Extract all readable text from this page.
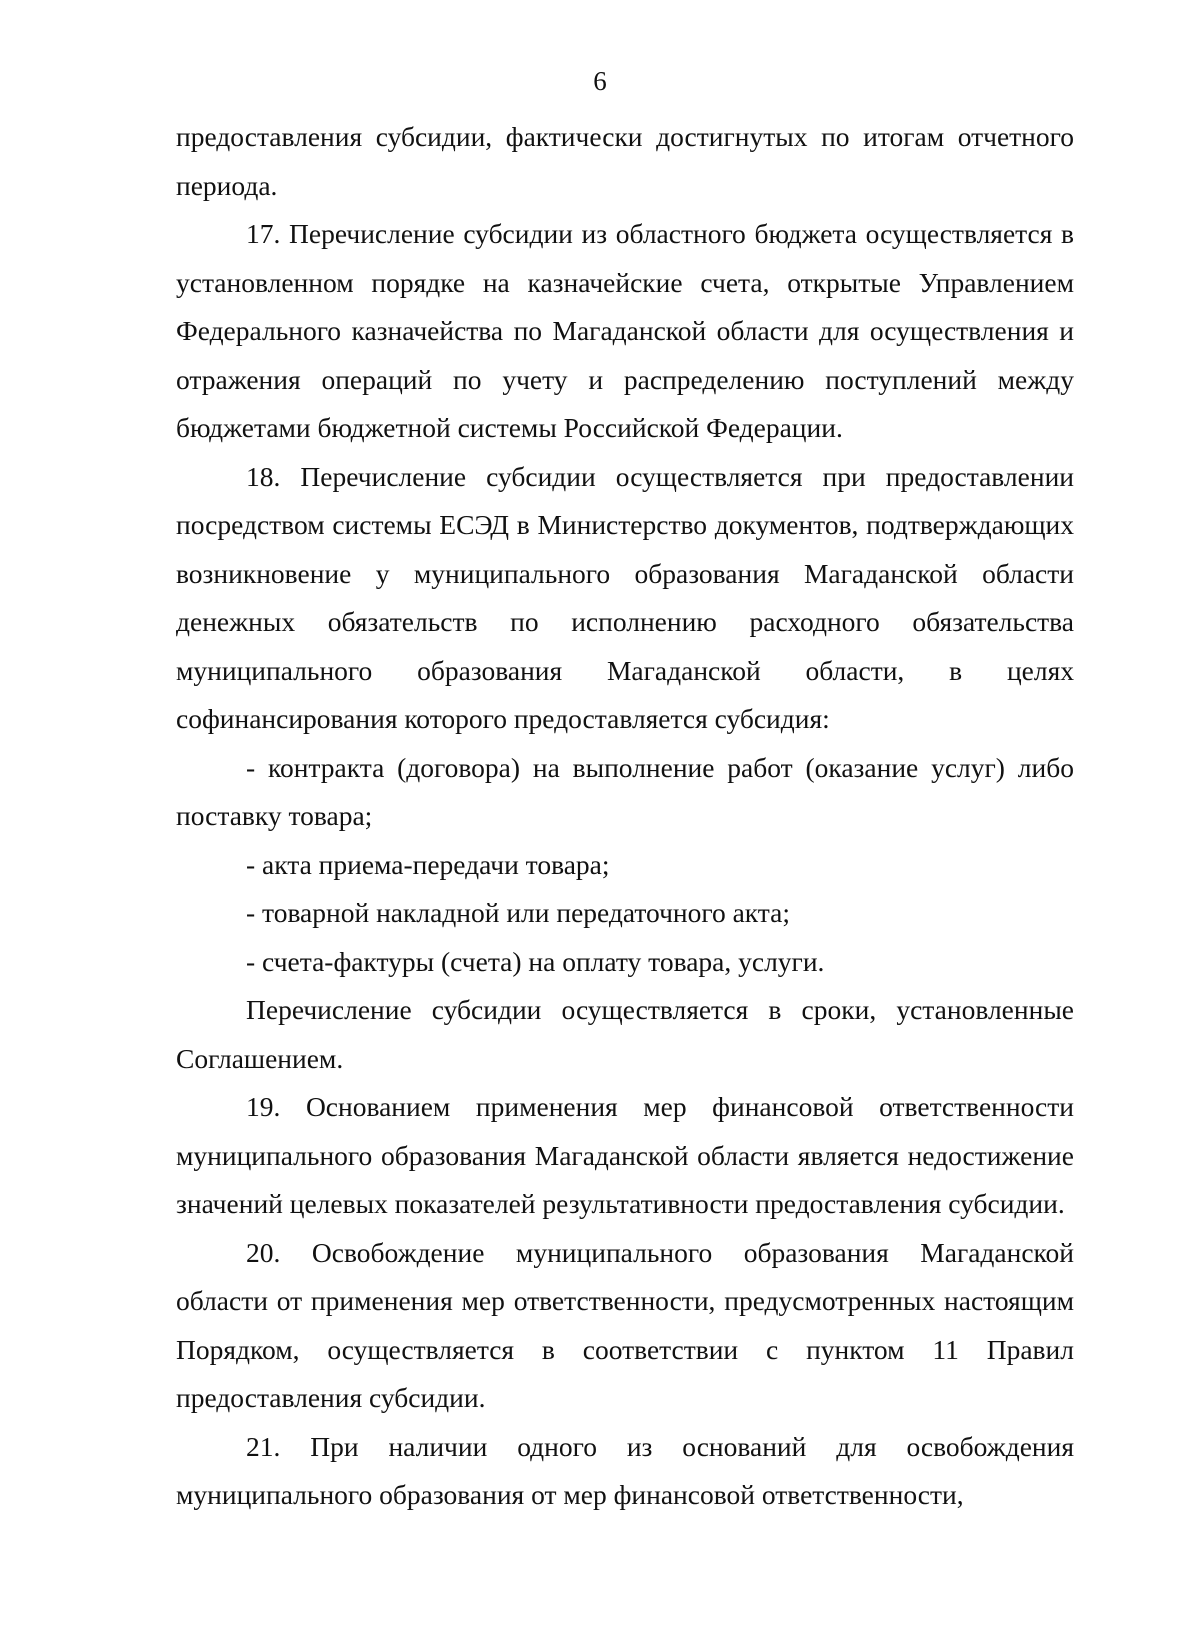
6

предоставления субсидии, фактически достигнутых по итогам отчетного периода.

17. Перечисление субсидии из областного бюджета осуществляется в установленном порядке на казначейские счета, открытые Управлением Федерального казначейства по Магаданской области для осуществления и отражения операций по учету и распределению поступлений между бюджетами бюджетной системы Российской Федерации.

18. Перечисление субсидии осуществляется при предоставлении посредством системы ЕСЭД в Министерство документов, подтверждающих возникновение у муниципального образования Магаданской области денежных обязательств по исполнению расходного обязательства муниципального образования Магаданской области, в целях софинансирования которого предоставляется субсидия:

- контракта (договора) на выполнение работ (оказание услуг) либо поставку товара;

- акта приема-передачи товара;

- товарной накладной или передаточного акта;

- счета-фактуры (счета) на оплату товара, услуги.

Перечисление субсидии осуществляется в сроки, установленные Соглашением.

19. Основанием применения мер финансовой ответственности муниципального образования Магаданской области является недостижение значений целевых показателей результативности предоставления субсидии.

20. Освобождение муниципального образования Магаданской области от применения мер ответственности, предусмотренных настоящим Порядком, осуществляется в соответствии с пунктом 11 Правил предоставления субсидии.

21. При наличии одного из оснований для освобождения муниципального образования от мер финансовой ответственности,
